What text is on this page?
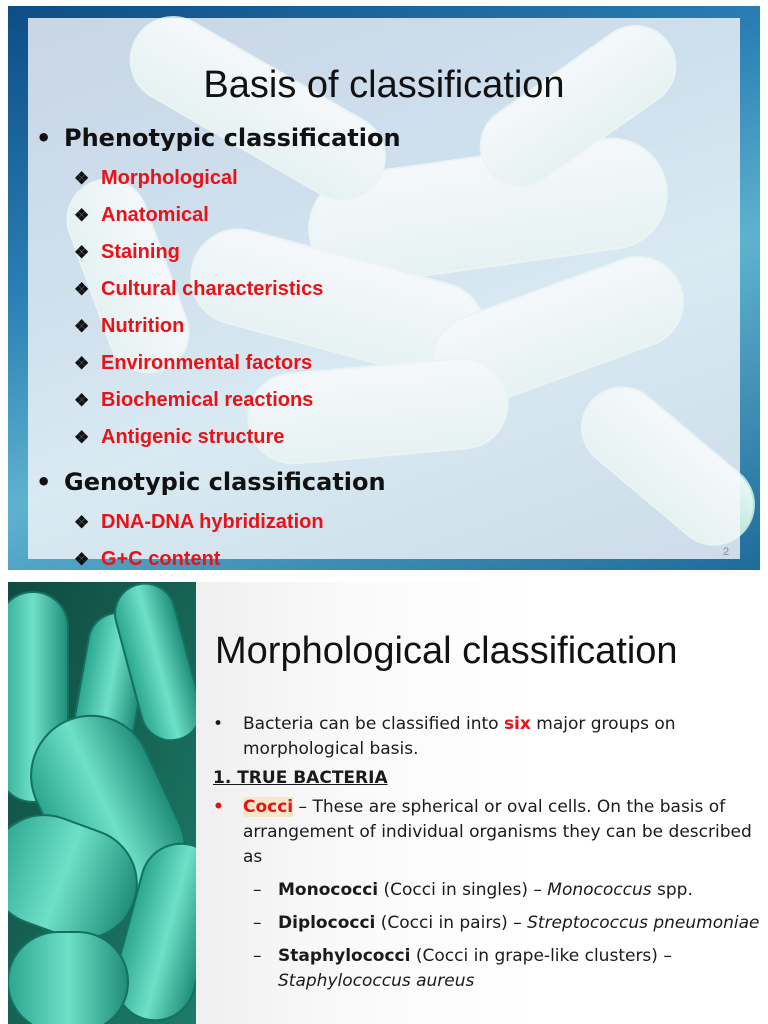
Basis of classification
• Phenotypic classification
❖ Morphological
❖ Anatomical
❖ Staining
❖ Cultural characteristics
❖ Nutrition
❖ Environmental factors
❖ Biochemical reactions
❖ Antigenic structure
• Genotypic classification
❖ DNA-DNA hybridization
❖ G+C content	2
Morphological classification
• Bacteria can be classified into six major groups on morphological basis.
1. TRUE BACTERIA
• Cocci – These are spherical or oval cells. On the basis of arrangement of individual organisms they can be described as
– Monococci (Cocci in singles) – Monococcus spp.
– Diplococci (Cocci in pairs) – Streptococcus pneumoniae
– Staphylococci (Cocci in grape-like clusters) – Staphylococcus aureus
